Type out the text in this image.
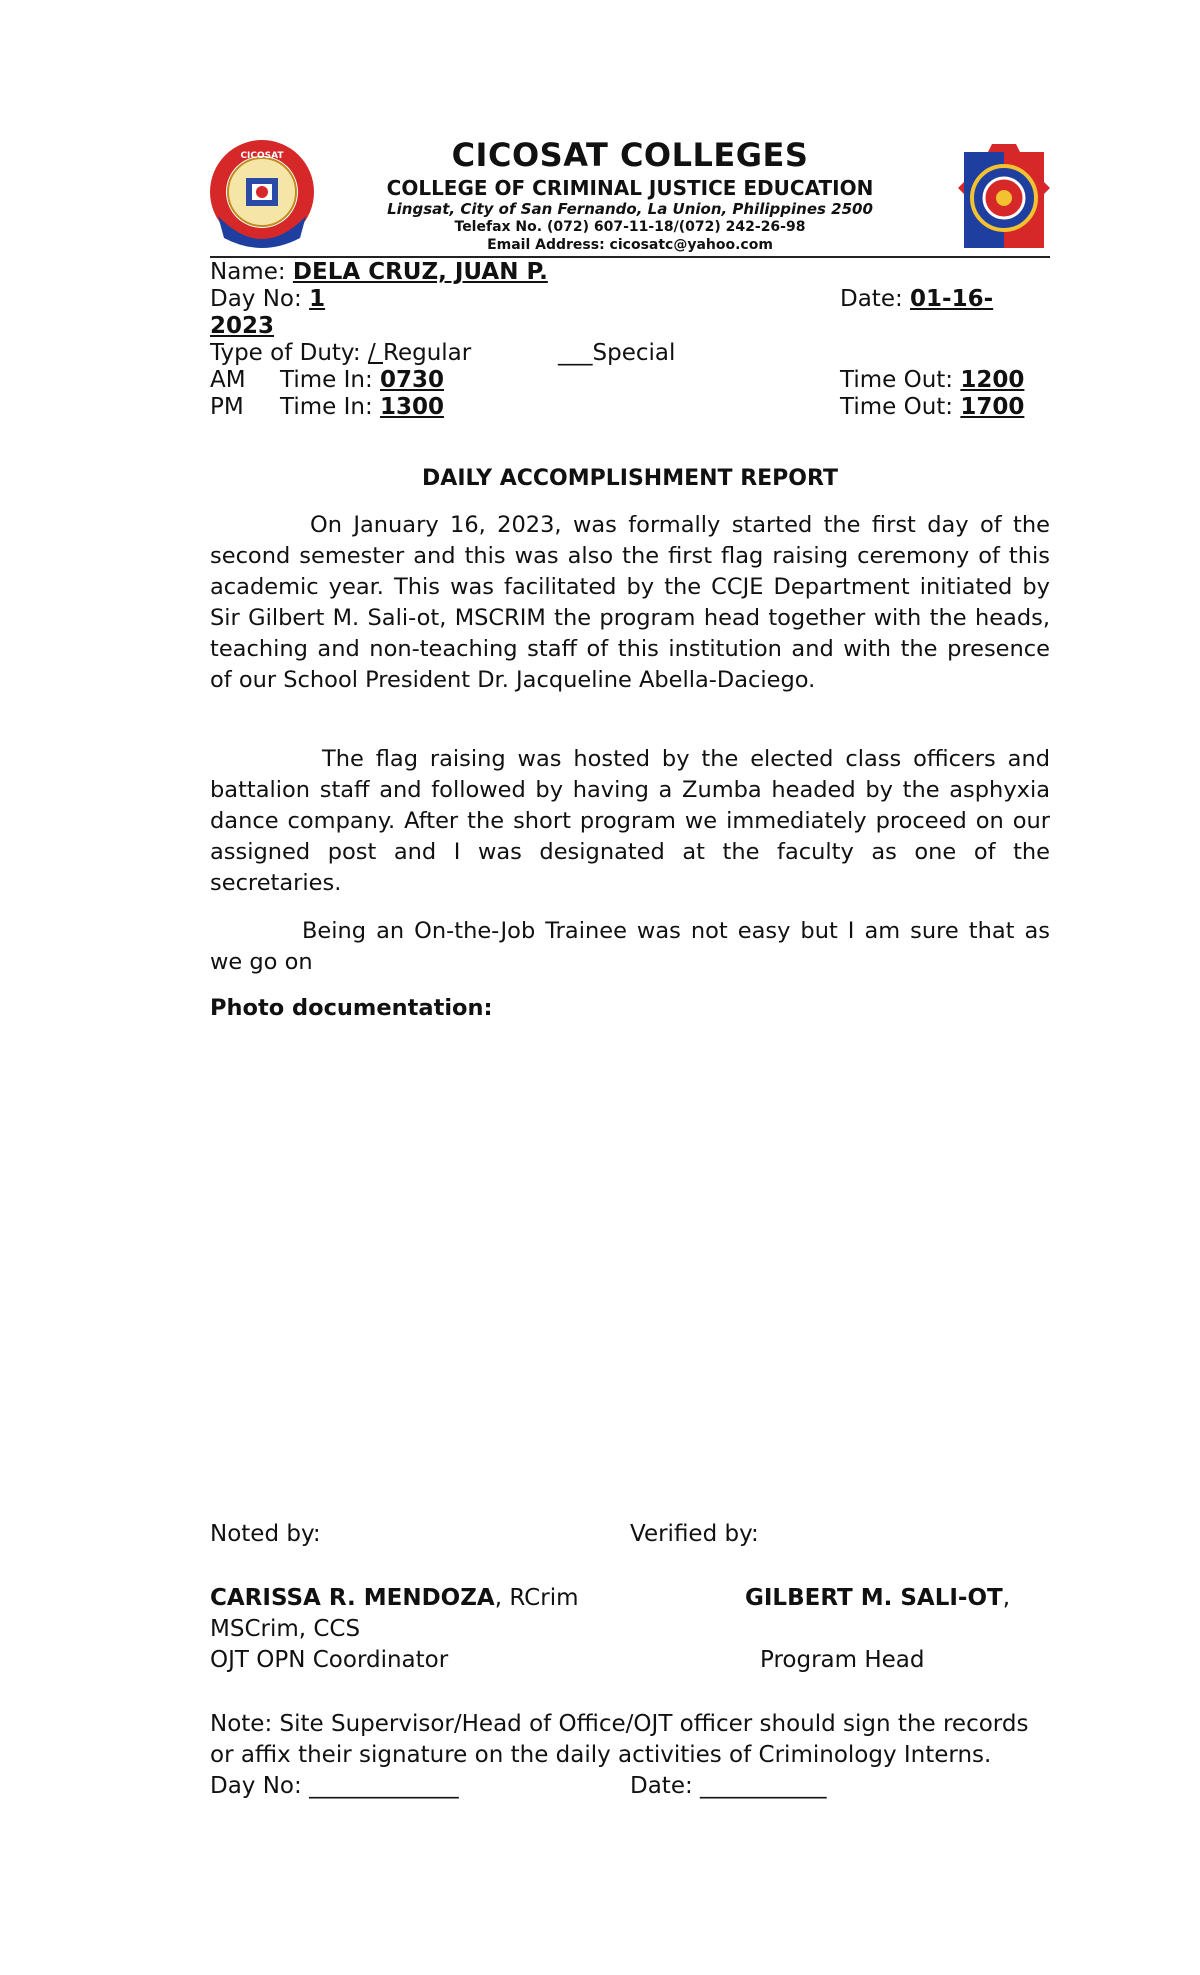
CICOSAT	CICOSAT COLLEGES
COLLEGE OF CRIMINAL JUSTICE EDUCATION
Lingsat, City of San Fernando, La Union, Philippines 2500
Telefax No. (072) 607-11-18/(072) 242-26-98
Email Address: cicosatc@yahoo.com
Name: DELA CRUZ, JUAN P.
Day No: 1	Date: 01-16-
2023
Type of Duty: / Regular	___Special
AM Time In: 0730	Time Out: 1200
PM Time In: 1300	Time Out: 1700
DAILY ACCOMPLISHMENT REPORT
On January 16, 2023, was formally started the first day of the second semester and this was also the first flag raising ceremony of this academic year. This was facilitated by the CCJE Department initiated by Sir Gilbert M. Sali-ot, MSCRIM the program head together with the heads, teaching and non-teaching staff of this institution and with the presence of our School President Dr. Jacqueline Abella-Daciego.
The flag raising was hosted by the elected class officers and battalion staff and followed by having a Zumba headed by the asphyxia dance company. After the short program we immediately proceed on our assigned post and I was designated at the faculty as one of the secretaries.
Being an On-the-Job Trainee was not easy but I am sure that as we go on
Photo documentation:
Noted by:	Verified by:
CARISSA R. MENDOZA, RCrim	GILBERT M. SALI-OT,
MSCrim, CCS
OJT OPN Coordinator	Program Head
Note: Site Supervisor/Head of Office/OJT officer should sign the records
or affix their signature on the daily activities of Criminology Interns.
Day No: _____________	Date: ___________
